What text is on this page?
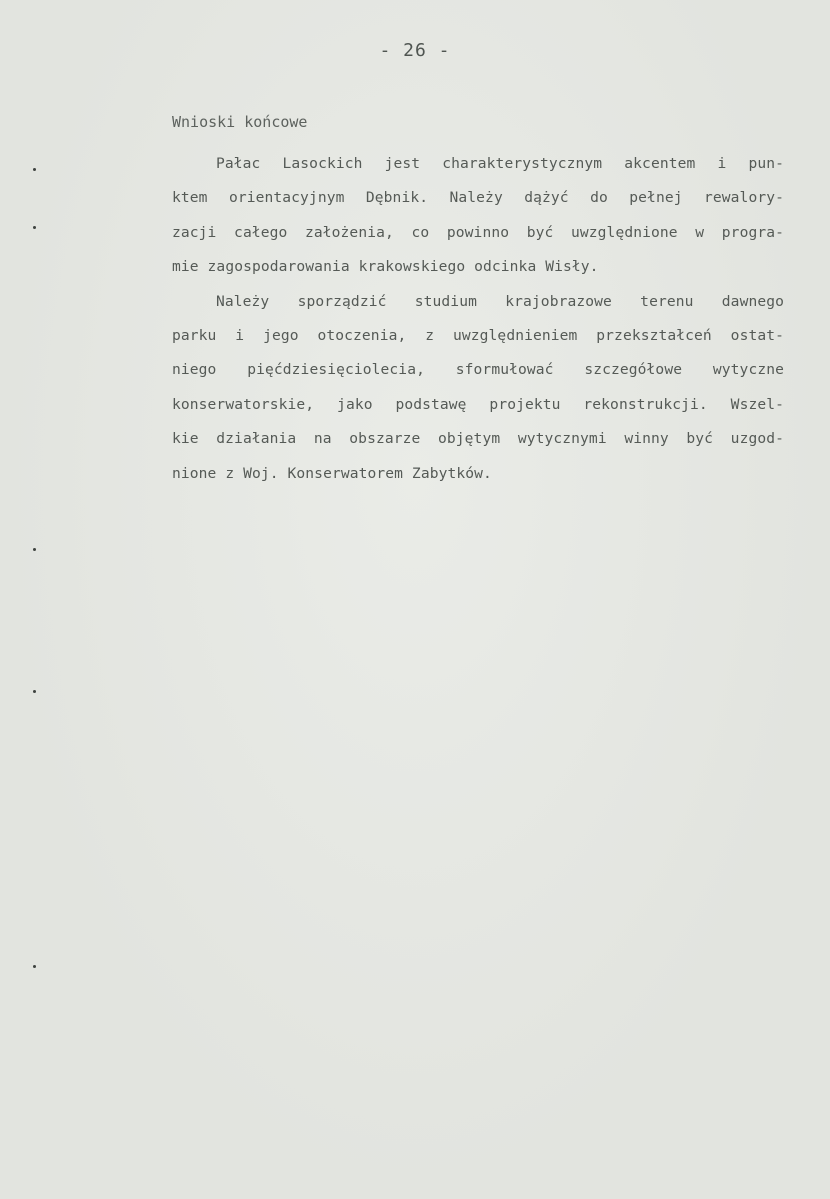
- 26 -
Wnioski końcowe
Pałac Lasockich jest charakterystycznym akcentem i pun-
ktem orientacyjnym Dębnik. Należy dążyć do pełnej rewalory-
zacji całego założenia, co powinno być uwzględnione w progra-
mie zagospodarowania krakowskiego odcinka Wisły.
Należy sporządzić studium krajobrazowe terenu dawnego
parku i jego otoczenia, z uwzględnieniem przekształceń ostat-
niego pięćdziesięciolecia, sformułować szczegółowe wytyczne
konserwatorskie, jako podstawę projektu rekonstrukcji. Wszel-
kie działania na obszarze objętym wytycznymi winny być uzgod-
nione z Woj. Konserwatorem Zabytków.
